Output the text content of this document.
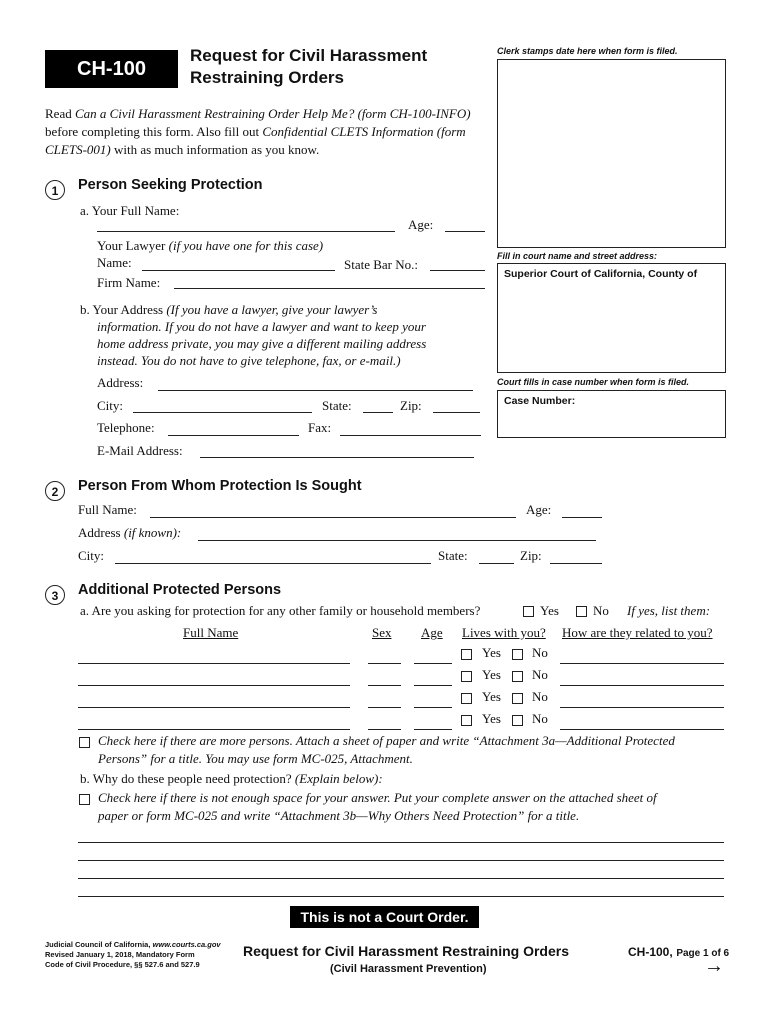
CH-100
Request for Civil Harassment
Restraining Orders
Clerk stamps date here when form is filed.
Fill in court name and street address:
Superior Court of California, County of
Court fills in case number when form is filed.
Case Number:
Read Can a Civil Harassment Restraining Order Help Me? (form CH-100-INFO) before completing this form. Also fill out Confidential CLETS Information (form CLETS-001) with as much information as you know.
1	Person Seeking Protection
a. Your Full Name:
Age:
Your Lawyer (if you have one for this case)
Name:	State Bar No.:
Firm Name:
b. Your Address (If you have a lawyer, give your lawyer’s
information. If you do not have a lawyer and want to keep your
home address private, you may give a different mailing address
instead. You do not have to give telephone, fax, or e-mail.)
Address:
City:	State:	Zip:
Telephone:	Fax:
E-Mail Address:
2	Person From Whom Protection Is Sought
Full Name:	Age:
Address (if known):
City:	State:	Zip:
3	Additional Protected Persons
a. Are you asking for protection for any other family or household members?	Yes	No If yes, list them:
Full Name	Sex Age Lives with you? How are they related to you?
Yes No
Yes No
Yes No
Yes No
Check here if there are more persons. Attach a sheet of paper and write “Attachment 3a—Additional Protected
Persons” for a title. You may use form MC-025, Attachment.
b. Why do these people need protection? (Explain below):
Check here if there is not enough space for your answer. Put your complete answer on the attached sheet of
paper or form MC-025 and write “Attachment 3b—Why Others Need Protection” for a title.
This is not a Court Order.
Judicial Council of California, www.courts.ca.gov
Revised January 1, 2018, Mandatory Form
Code of Civil Procedure, §§ 527.6 and 527.9
Request for Civil Harassment Restraining Orders
(Civil Harassment Prevention)
CH-100, Page 1 of 6
→
